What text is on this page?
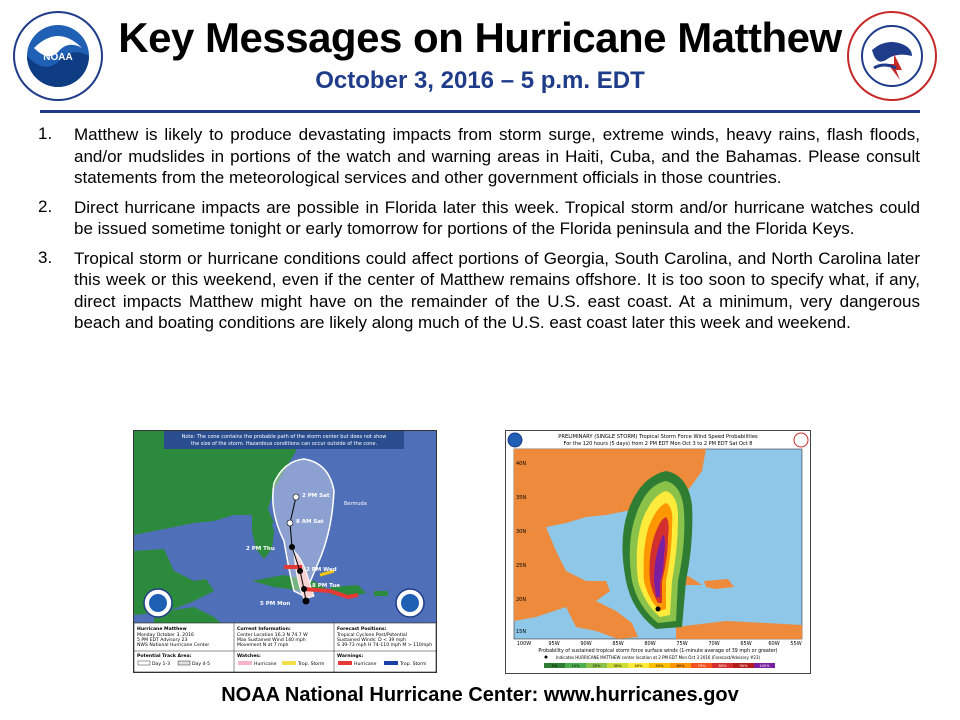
NOAA	Key Messages on Hurricane Matthew
October 3, 2016 – 5 p.m. EDT
1. Matthew is likely to produce devastating impacts from storm surge, extreme winds, heavy rains, flash floods, and/or mudslides in portions of the watch and warning areas in Haiti, Cuba, and the Bahamas. Please consult statements from the meteorological services and other government officials in those countries.
2. Direct hurricane impacts are possible in Florida later this week. Tropical storm and/or hurricane watches could be issued sometime tonight or early tomorrow for portions of the Florida peninsula and the Florida Keys.
3. Tropical storm or hurricane conditions could affect portions of Georgia, South Carolina, and North Carolina later this week or this weekend, even if the center of Matthew remains offshore. It is too soon to specify what, if any, direct impacts Matthew might have on the remainder of the U.S. east coast. At a minimum, very dangerous beach and boating conditions are likely along much of the U.S. east coast later this week and weekend.
Note: The cone contains the probable path of the storm center but does not show
the size of the storm. Hazardous conditions can occur outside of the cone.
2 PM Sat
8 AM Sat
2 PM Thu
2 PM Wed
8 PM Tue
5 PM Mon
Bermuda
Hurricane Matthew
Monday October 3, 2016
5 PM EDT Advisory 23
NWS National Hurricane Center
Current Information:
Center Location 16.3 N 74.7 W
Max Sustained Wind 140 mph
Movement N at 7 mph
Forecast Positions:
Tropical Cyclone Post/Potential
Sustained Winds: D < 39 mph
S 39-73 mph H 74-110 mph M > 110mph
Potential Track Area:
Day 1-3	Day 4-5
Watches:
Hurricane	Trop. Storm
Warnings:
Hurricane	Trop. Storm
PRELIMINARY (SINGLE STORM) Tropical Storm Force Wind Speed Probabilities
For the 120 hours (5 days) from 2 PM EDT Mon Oct 3 to 2 PM EDT Sat Oct 8
40N
35N
30N
25N
20N
15N
100W	95W	90W	85W	80W	75W	70W	65W	60W 55W
Probability of sustained tropical storm force surface winds (1-minute average of 39 mph or greater)
Indicates HURRICANE MATTHEW center location at 2 PM EDT Mon Oct 3 2016 (Forecast/Advisory #23)
5%	10%	20%	30%	40%	50%	60%	70%	80%	90%	100%
NOAA National Hurricane Center: www.hurricanes.gov
